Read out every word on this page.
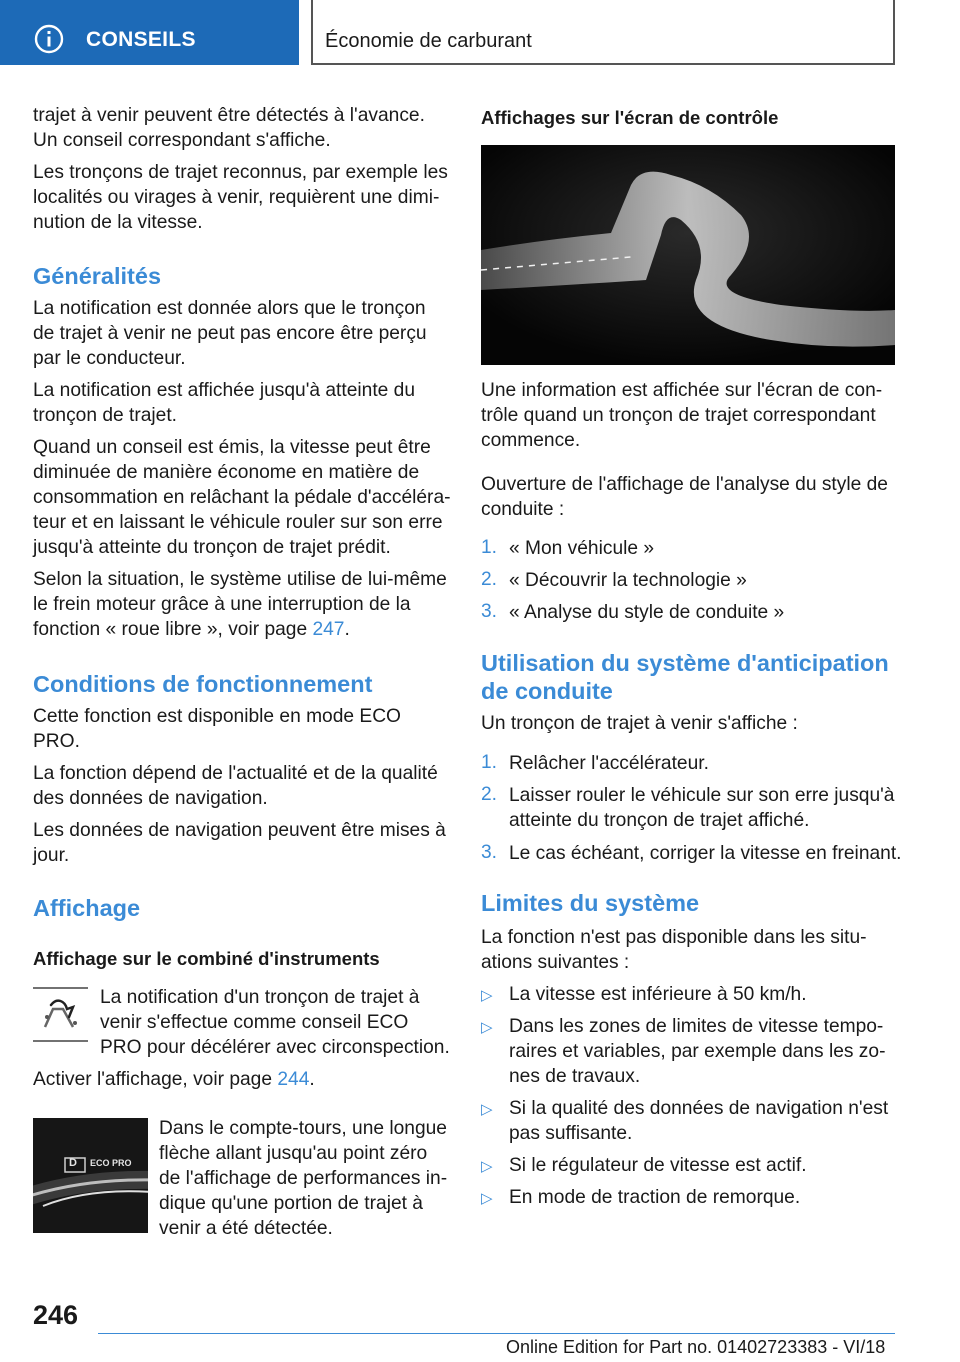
CONSEILS	Économie de carburant
trajet à venir peuvent être détectés à l'avance.
Un conseil correspondant s'affiche.
Les tronçons de trajet reconnus, par exemple les
localités ou virages à venir, requièrent une dimi-
nution de la vitesse.
Généralités
La notification est donnée alors que le tronçon
de trajet à venir ne peut pas encore être perçu
par le conducteur.
La notification est affichée jusqu'à atteinte du
tronçon de trajet.
Quand un conseil est émis, la vitesse peut être
diminuée de manière économe en matière de
consommation en relâchant la pédale d'accéléra-
teur et en laissant le véhicule rouler sur son erre
jusqu'à atteinte du tronçon de trajet prédit.
Selon la situation, le système utilise de lui-même
le frein moteur grâce à une interruption de la
fonction « roue libre », voir page 247.
Conditions de fonctionnement
Cette fonction est disponible en mode ECO
PRO.
La fonction dépend de l'actualité et de la qualité
des données de navigation.
Les données de navigation peuvent être mises à
jour.
Affichage
Affichage sur le combiné d'instruments
La notification d'un tronçon de trajet à
venir s'effectue comme conseil ECO
PRO pour décélérer avec circonspection.
Activer l'affichage, voir page 244.
D ECO PRO
Dans le compte-tours, une longue
flèche allant jusqu'au point zéro
de l'affichage de performances in-
dique qu'une portion de trajet à
venir a été détectée.
Affichages sur l'écran de contrôle
Une information est affichée sur l'écran de con-
trôle quand un tronçon de trajet correspondant
commence.
Ouverture de l'affichage de l'analyse du style de
conduite :
1. « Mon véhicule »
2. « Découvrir la technologie »
3. « Analyse du style de conduite »
Utilisation du système d'anticipation
de conduite
Un tronçon de trajet à venir s'affiche :
1. Relâcher l'accélérateur.
2. Laisser rouler le véhicule sur son erre jusqu'à
atteinte du tronçon de trajet affiché.
3. Le cas échéant, corriger la vitesse en freinant.
Limites du système
La fonction n'est pas disponible dans les situ-
ations suivantes :
▷ La vitesse est inférieure à 50 km/h.
▷ Dans les zones de limites de vitesse tempo-
raires et variables, par exemple dans les zo-
nes de travaux.
▷ Si la qualité des données de navigation n'est
pas suffisante.
▷ Si le régulateur de vitesse est actif.
▷ En mode de traction de remorque.
246
Online Edition for Part no. 01402723383 - VI/18
